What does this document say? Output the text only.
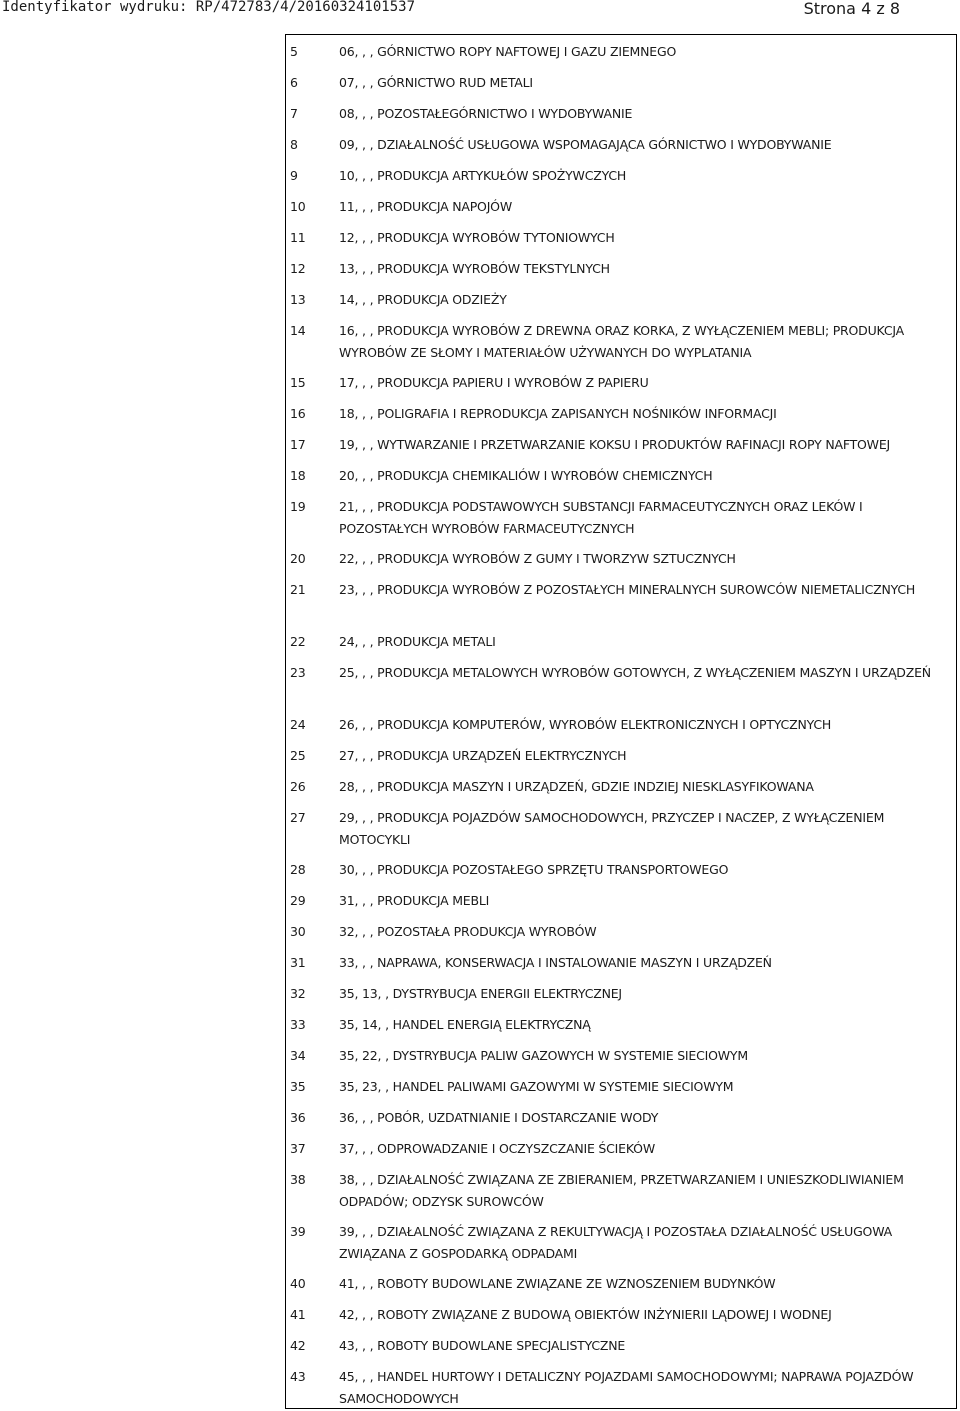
Identyfikator wydruku: RP/472783/4/20160324101537	Strona 4 z 8
5	06, , , GÓRNICTWO ROPY NAFTOWEJ I GAZU ZIEMNEGO
6	07, , , GÓRNICTWO RUD METALI
7	08, , , POZOSTAŁEGÓRNICTWO I WYDOBYWANIE
8	09, , , DZIAŁALNOŚĆ USŁUGOWA WSPOMAGAJĄCA GÓRNICTWO I WYDOBYWANIE
9	10, , , PRODUKCJA ARTYKUŁÓW SPOŻYWCZYCH
10	11, , , PRODUKCJA NAPOJÓW
11	12, , , PRODUKCJA WYROBÓW TYTONIOWYCH
12	13, , , PRODUKCJA WYROBÓW TEKSTYLNYCH
13	14, , , PRODUKCJA ODZIEŻY
14	16, , , PRODUKCJA WYROBÓW Z DREWNA ORAZ KORKA, Z WYŁĄCZENIEM MEBLI; PRODUKCJA WYROBÓW ZE SŁOMY I MATERIAŁÓW UŻYWANYCH DO WYPLATANIA
15	17, , , PRODUKCJA PAPIERU I WYROBÓW Z PAPIERU
16	18, , , POLIGRAFIA I REPRODUKCJA ZAPISANYCH NOŚNIKÓW INFORMACJI
17	19, , , WYTWARZANIE I PRZETWARZANIE KOKSU I PRODUKTÓW RAFINACJI ROPY NAFTOWEJ
18	20, , , PRODUKCJA CHEMIKALIÓW I WYROBÓW CHEMICZNYCH
19	21, , , PRODUKCJA PODSTAWOWYCH SUBSTANCJI FARMACEUTYCZNYCH ORAZ LEKÓW I POZOSTAŁYCH WYROBÓW FARMACEUTYCZNYCH
20	22, , , PRODUKCJA WYROBÓW Z GUMY I TWORZYW SZTUCZNYCH
21	23, , , PRODUKCJA WYROBÓW Z POZOSTAŁYCH MINERALNYCH SUROWCÓW NIEMETALICZNYCH
22	24, , , PRODUKCJA METALI
23	25, , , PRODUKCJA METALOWYCH WYROBÓW GOTOWYCH, Z WYŁĄCZENIEM MASZYN I URZĄDZEŃ
24	26, , , PRODUKCJA KOMPUTERÓW, WYROBÓW ELEKTRONICZNYCH I OPTYCZNYCH
25	27, , , PRODUKCJA URZĄDZEŃ ELEKTRYCZNYCH
26	28, , , PRODUKCJA MASZYN I URZĄDZEŃ, GDZIE INDZIEJ NIESKLASYFIKOWANA
27	29, , , PRODUKCJA POJAZDÓW SAMOCHODOWYCH, PRZYCZEP I NACZEP, Z WYŁĄCZENIEM MOTOCYKLI
28	30, , , PRODUKCJA POZOSTAŁEGO SPRZĘTU TRANSPORTOWEGO
29	31, , , PRODUKCJA MEBLI
30	32, , , POZOSTAŁA PRODUKCJA WYROBÓW
31	33, , , NAPRAWA, KONSERWACJA I INSTALOWANIE MASZYN I URZĄDZEŃ
32	35, 13, , DYSTRYBUCJA ENERGII ELEKTRYCZNEJ
33	35, 14, , HANDEL ENERGIĄ ELEKTRYCZNĄ
34	35, 22, , DYSTRYBUCJA PALIW GAZOWYCH W SYSTEMIE SIECIOWYM
35	35, 23, , HANDEL PALIWAMI GAZOWYMI W SYSTEMIE SIECIOWYM
36	36, , , POBÓR, UZDATNIANIE I DOSTARCZANIE WODY
37	37, , , ODPROWADZANIE I OCZYSZCZANIE ŚCIEKÓW
38	38, , , DZIAŁALNOŚĆ ZWIĄZANA ZE ZBIERANIEM, PRZETWARZANIEM I UNIESZKODLIWIANIEM ODPADÓW; ODZYSK SUROWCÓW
39	39, , , DZIAŁALNOŚĆ ZWIĄZANA Z REKULTYWACJĄ I POZOSTAŁA DZIAŁALNOŚĆ USŁUGOWA ZWIĄZANA Z GOSPODARKĄ ODPADAMI
40	41, , , ROBOTY BUDOWLANE ZWIĄZANE ZE WZNOSZENIEM BUDYNKÓW
41	42, , , ROBOTY ZWIĄZANE Z BUDOWĄ OBIEKTÓW INŻYNIERII LĄDOWEJ I WODNEJ
42	43, , , ROBOTY BUDOWLANE SPECJALISTYCZNE
43	45, , , HANDEL HURTOWY I DETALICZNY POJAZDAMI SAMOCHODOWYMI; NAPRAWA POJAZDÓW SAMOCHODOWYCH
